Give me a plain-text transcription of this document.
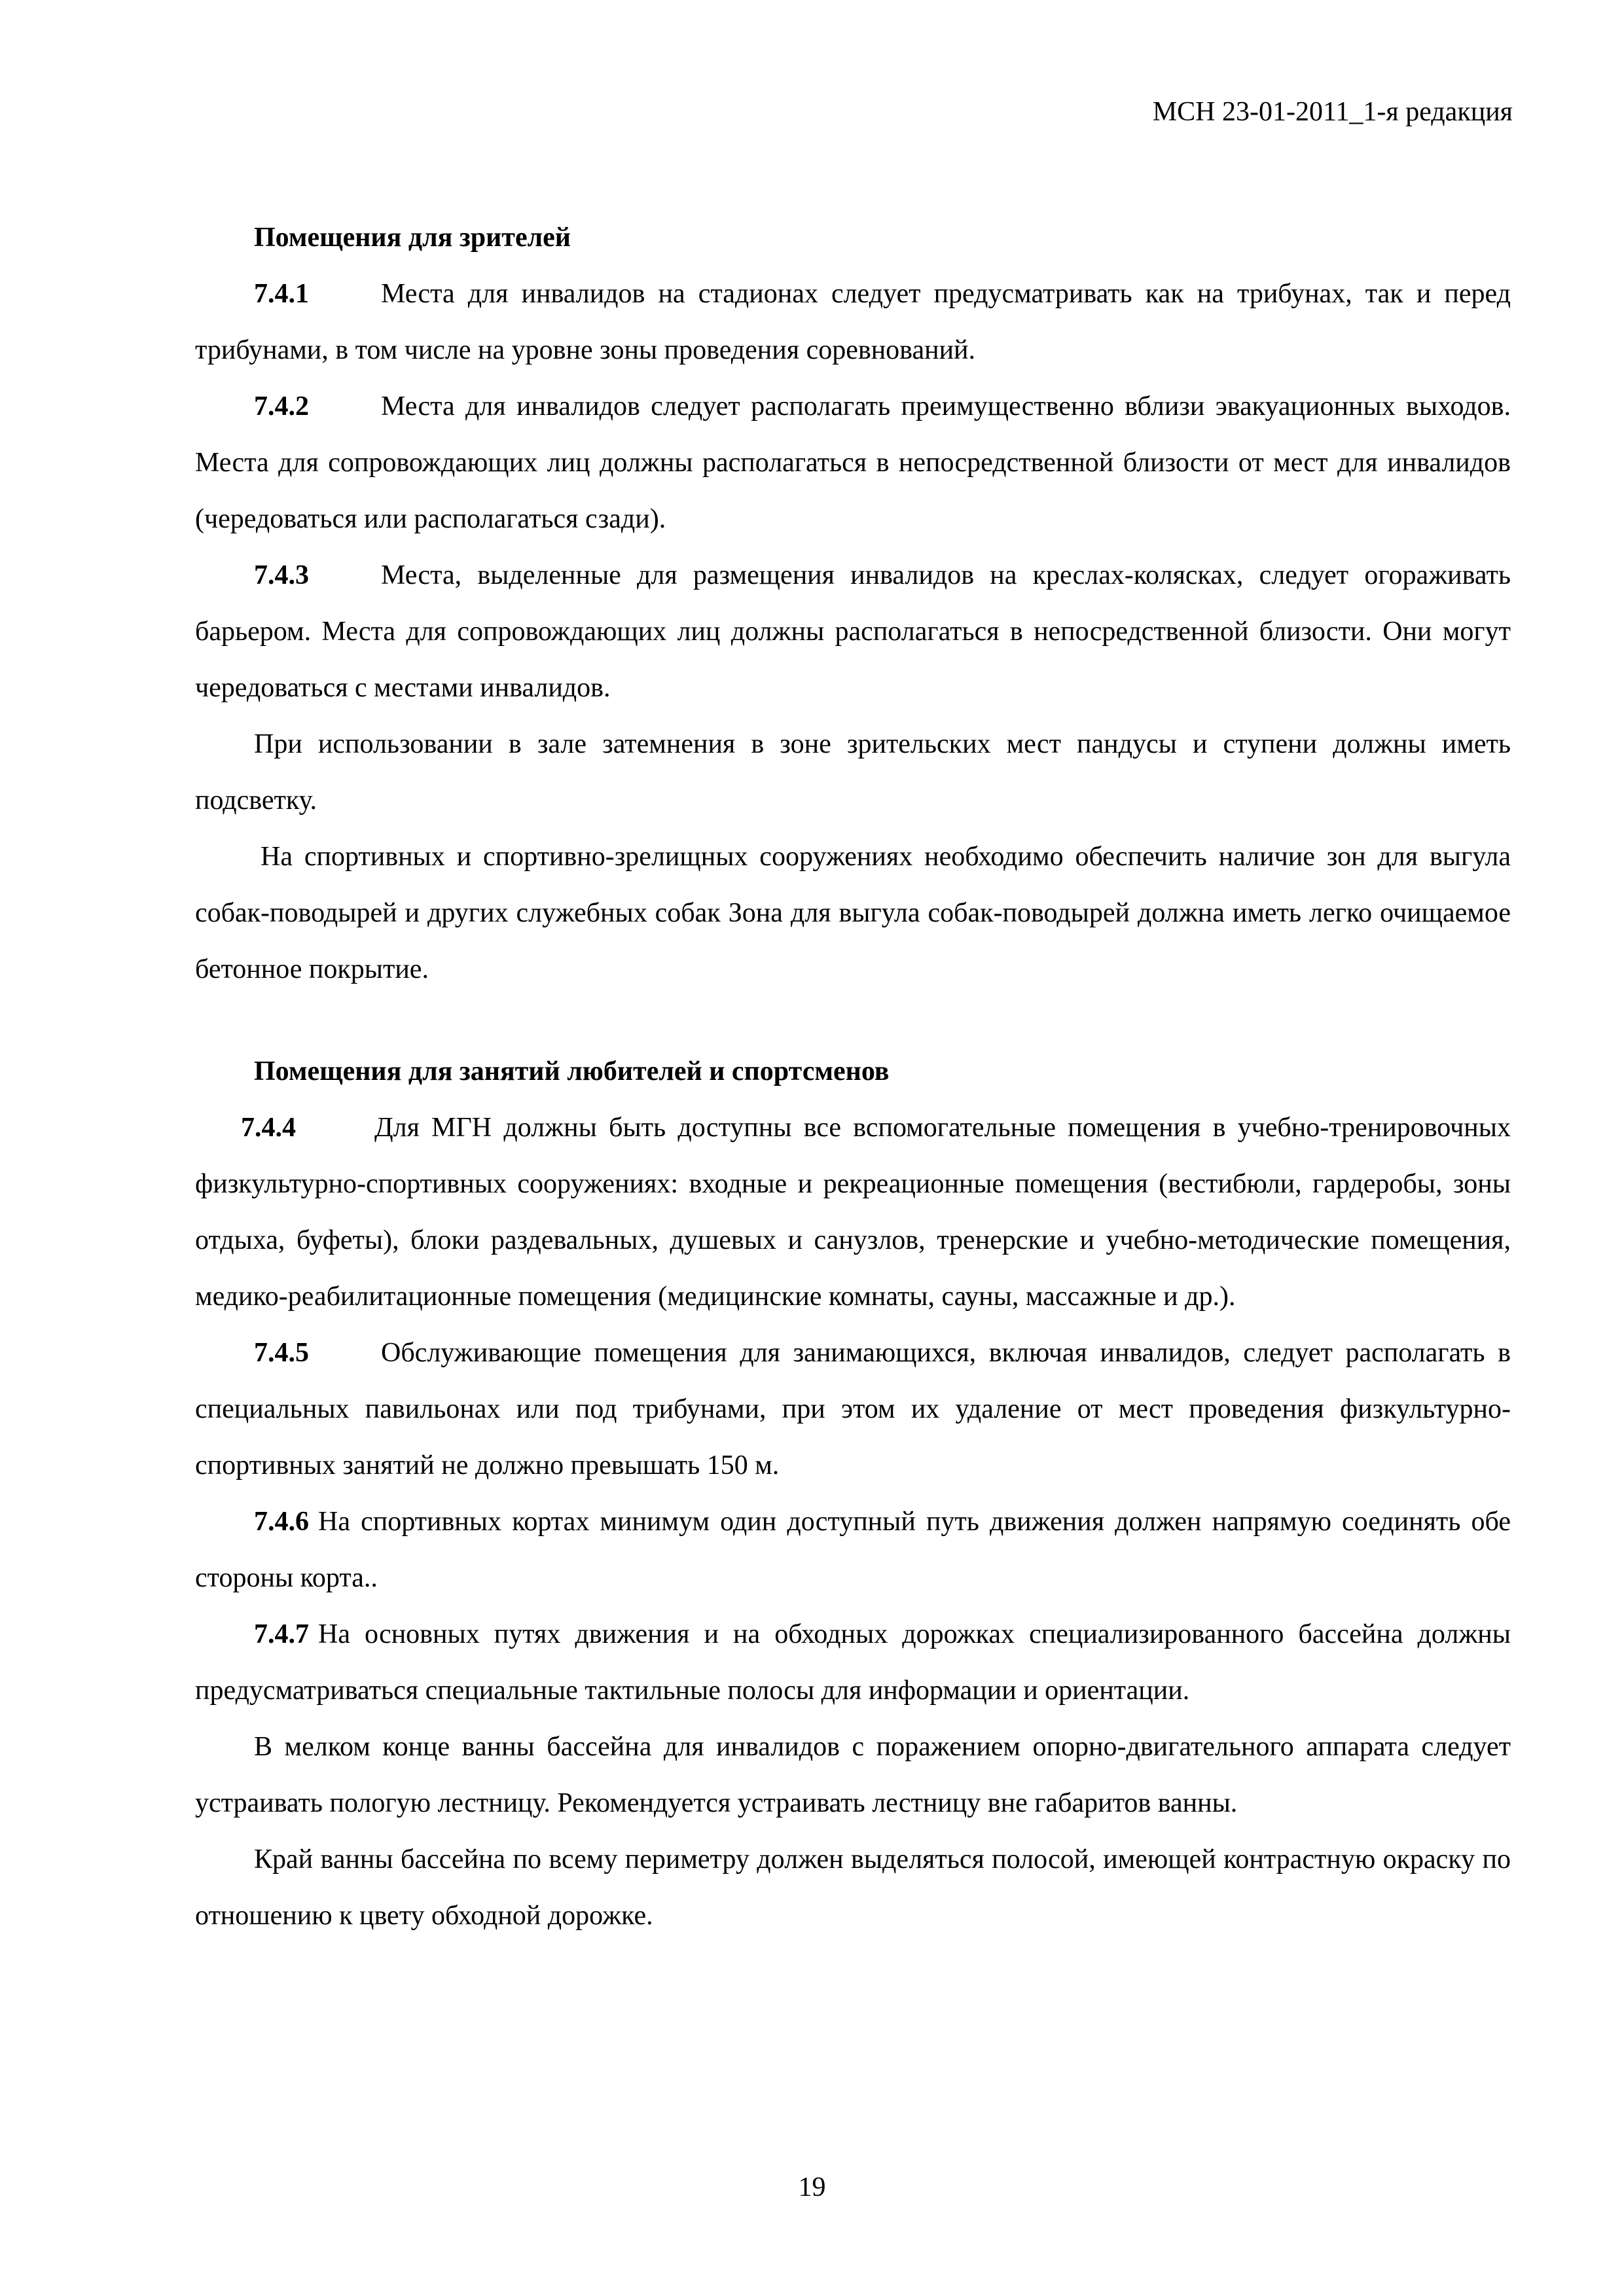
МСН 23-01-2011_1-я редакция

Помещения для зрителей

7.4.1	Места для инвалидов на стадионах следует предусматривать как на трибунах, так и перед трибунами, в том числе на уровне зоны проведения соревнований.

7.4.2	Места для инвалидов следует располагать преимущественно вблизи эвакуационных выходов. Места для сопровождающих лиц должны располагаться в непосредственной близости от мест для инвалидов (чередоваться или располагаться сзади).

7.4.3	Места, выделенные для размещения инвалидов на креслах-колясках, следует огораживать барьером. Места для сопровождающих лиц должны располагаться в непосредственной близости. Они могут чередоваться с местами инвалидов.

При использовании в зале затемнения в зоне зрительских мест пандусы и ступени должны иметь подсветку.

На спортивных и спортивно-зрелищных сооружениях необходимо обеспечить наличие зон для выгула собак-поводырей и других служебных собак Зона для выгула собак-поводырей должна иметь легко очищаемое бетонное покрытие.

Помещения для занятий любителей и спортсменов

7.4.4	Для МГН должны быть доступны все вспомогательные помещения в учебно-тренировочных физкультурно-спортивных сооружениях: входные и рекреационные помещения (вестибюли, гардеробы, зоны отдыха, буфеты), блоки раздевальных, душевых и санузлов, тренерские и учебно-методические помещения, медико-реабилитационные помещения (медицинские комнаты, сауны, массажные и др.).

7.4.5	Обслуживающие помещения для занимающихся, включая инвалидов, следует располагать в специальных павильонах или под трибунами, при этом их удаление от мест проведения физкультурно-спортивных занятий не должно превышать 150 м.

7.4.6 На спортивных кортах минимум один доступный путь движения должен напрямую соединять обе стороны корта..

7.4.7 На основных путях движения и на обходных дорожках специализированного бассейна должны предусматриваться специальные тактильные полосы для информации и ориентации.

В мелком конце ванны бассейна для инвалидов с поражением опорно-двигательного аппарата следует устраивать пологую лестницу. Рекомендуется устраивать лестницу вне габаритов ванны.

Край ванны бассейна по всему периметру должен выделяться полосой, имеющей контрастную окраску по отношению к цвету обходной дорожке.

19
